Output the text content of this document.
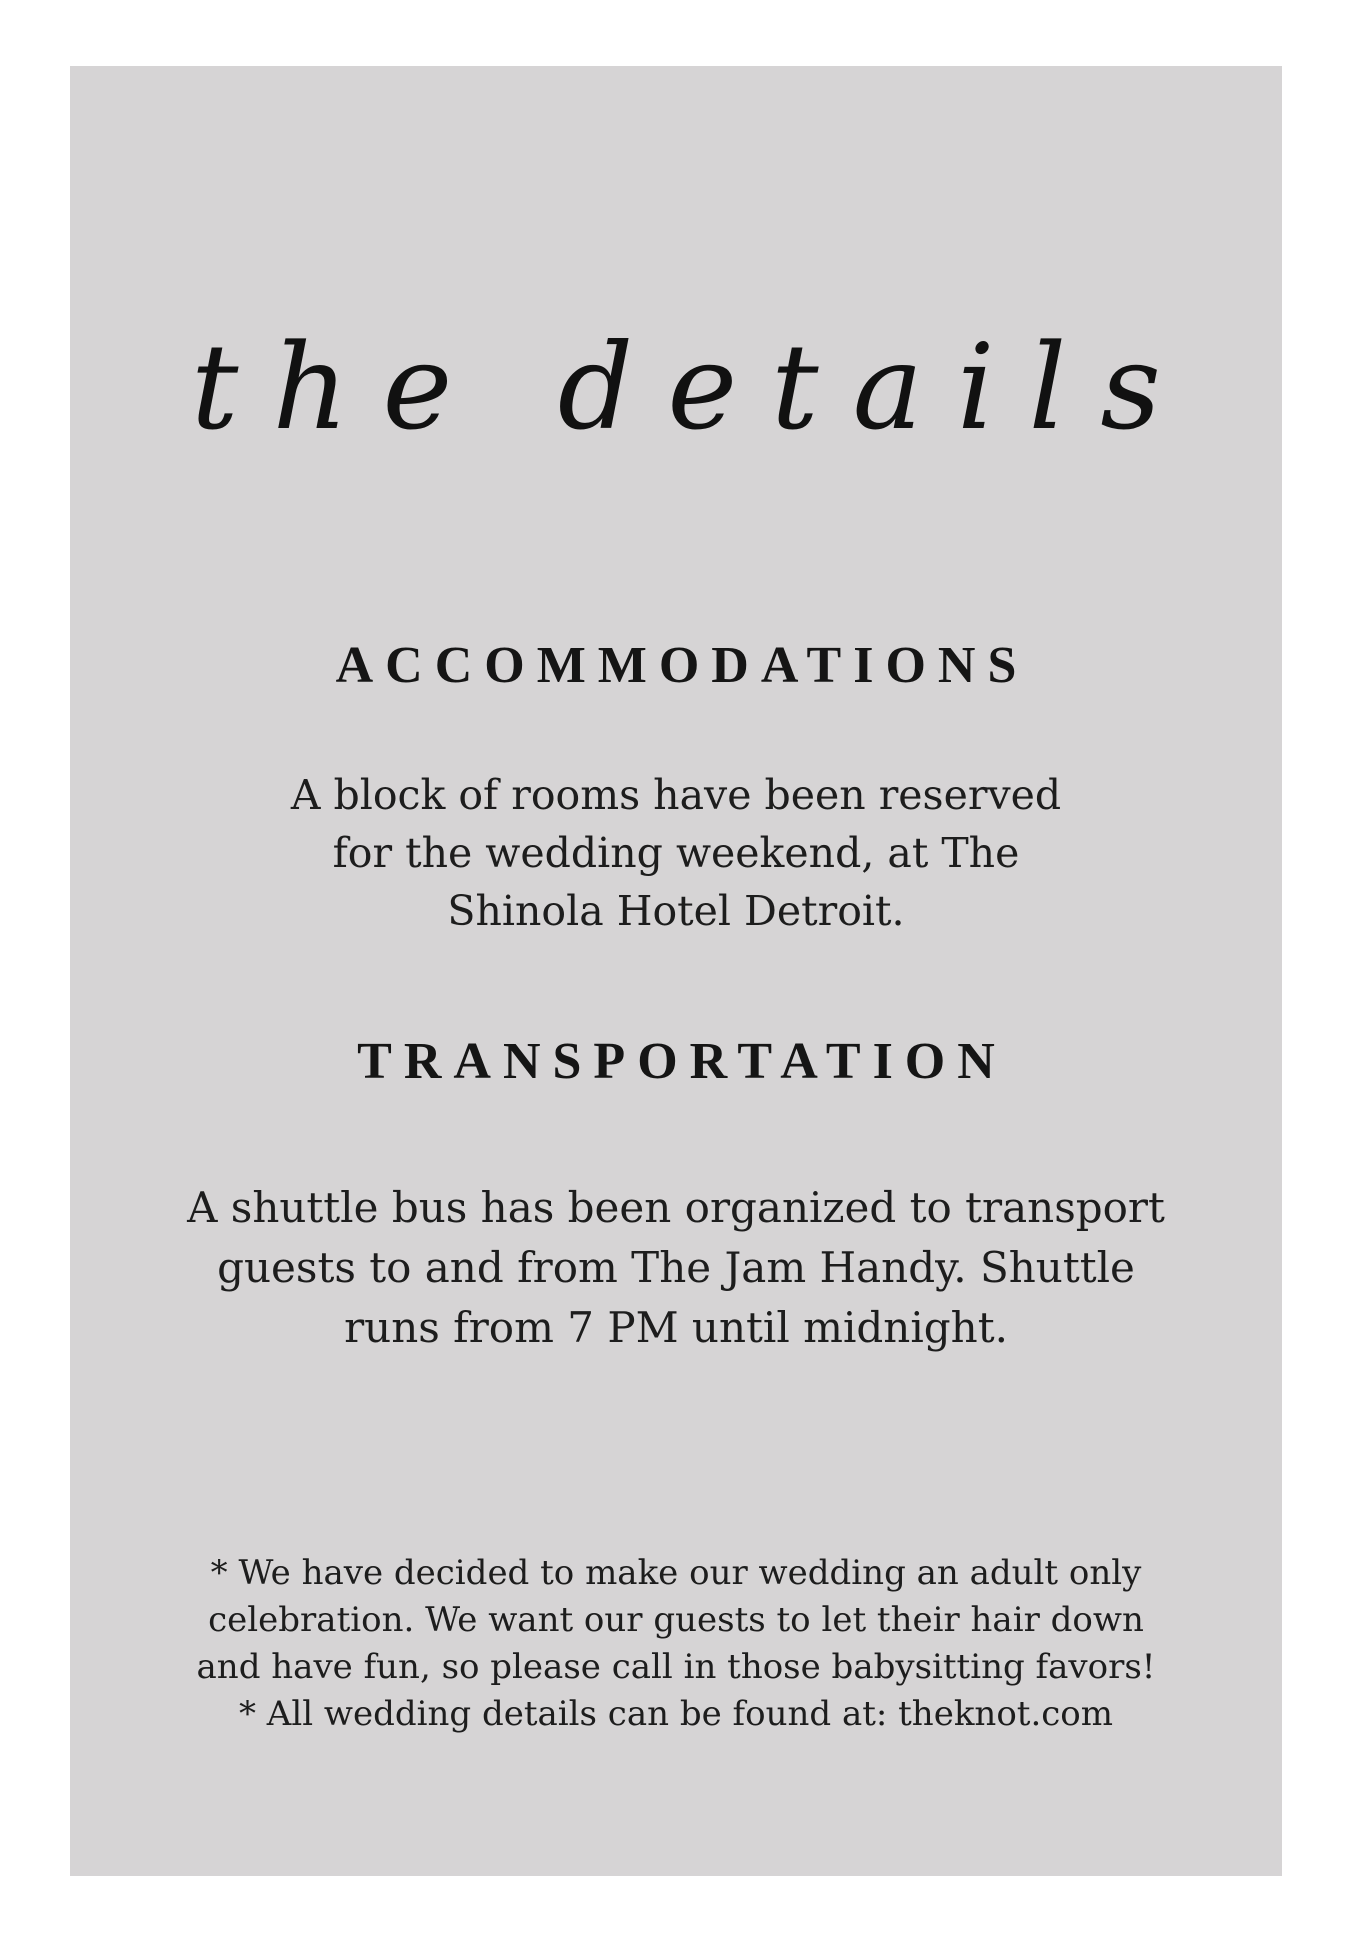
the details
ACCOMMODATIONS
A block of rooms have been reserved
for the wedding weekend, at The
Shinola Hotel Detroit.
TRANSPORTATION
A shuttle bus has been organized to transport
guests to and from The Jam Handy. Shuttle
runs from 7 PM until midnight.
* We have decided to make our wedding an adult only
celebration. We want our guests to let their hair down
and have fun, so please call in those babysitting favors!
* All wedding details can be found at: theknot.com
